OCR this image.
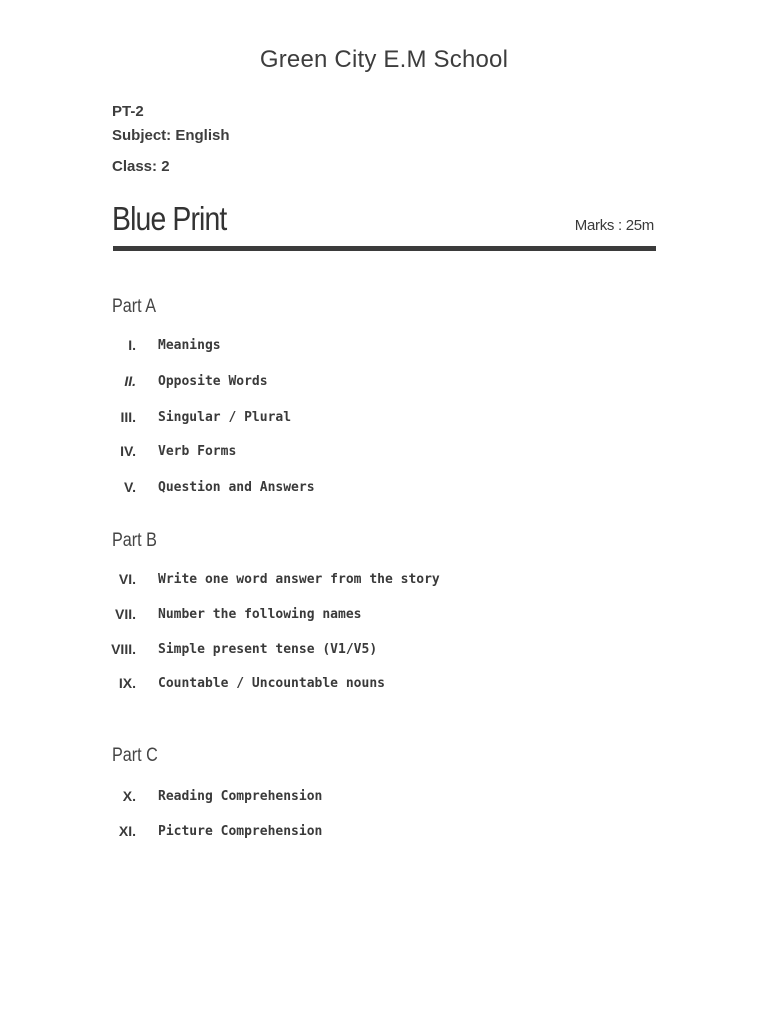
Green City E.M School
PT-2
Subject: English
Class: 2
Blue Print	Marks : 25m
Part A
I. Meanings
II. Opposite Words
III. Singular / Plural
IV. Verb Forms
V. Question and Answers
Part B
VI. Write one word answer from the story
VII. Number the following names
VIII. Simple present tense (V1/V5)
IX. Countable / Uncountable nouns
Part C
X. Reading Comprehension
XI. Picture Comprehension
